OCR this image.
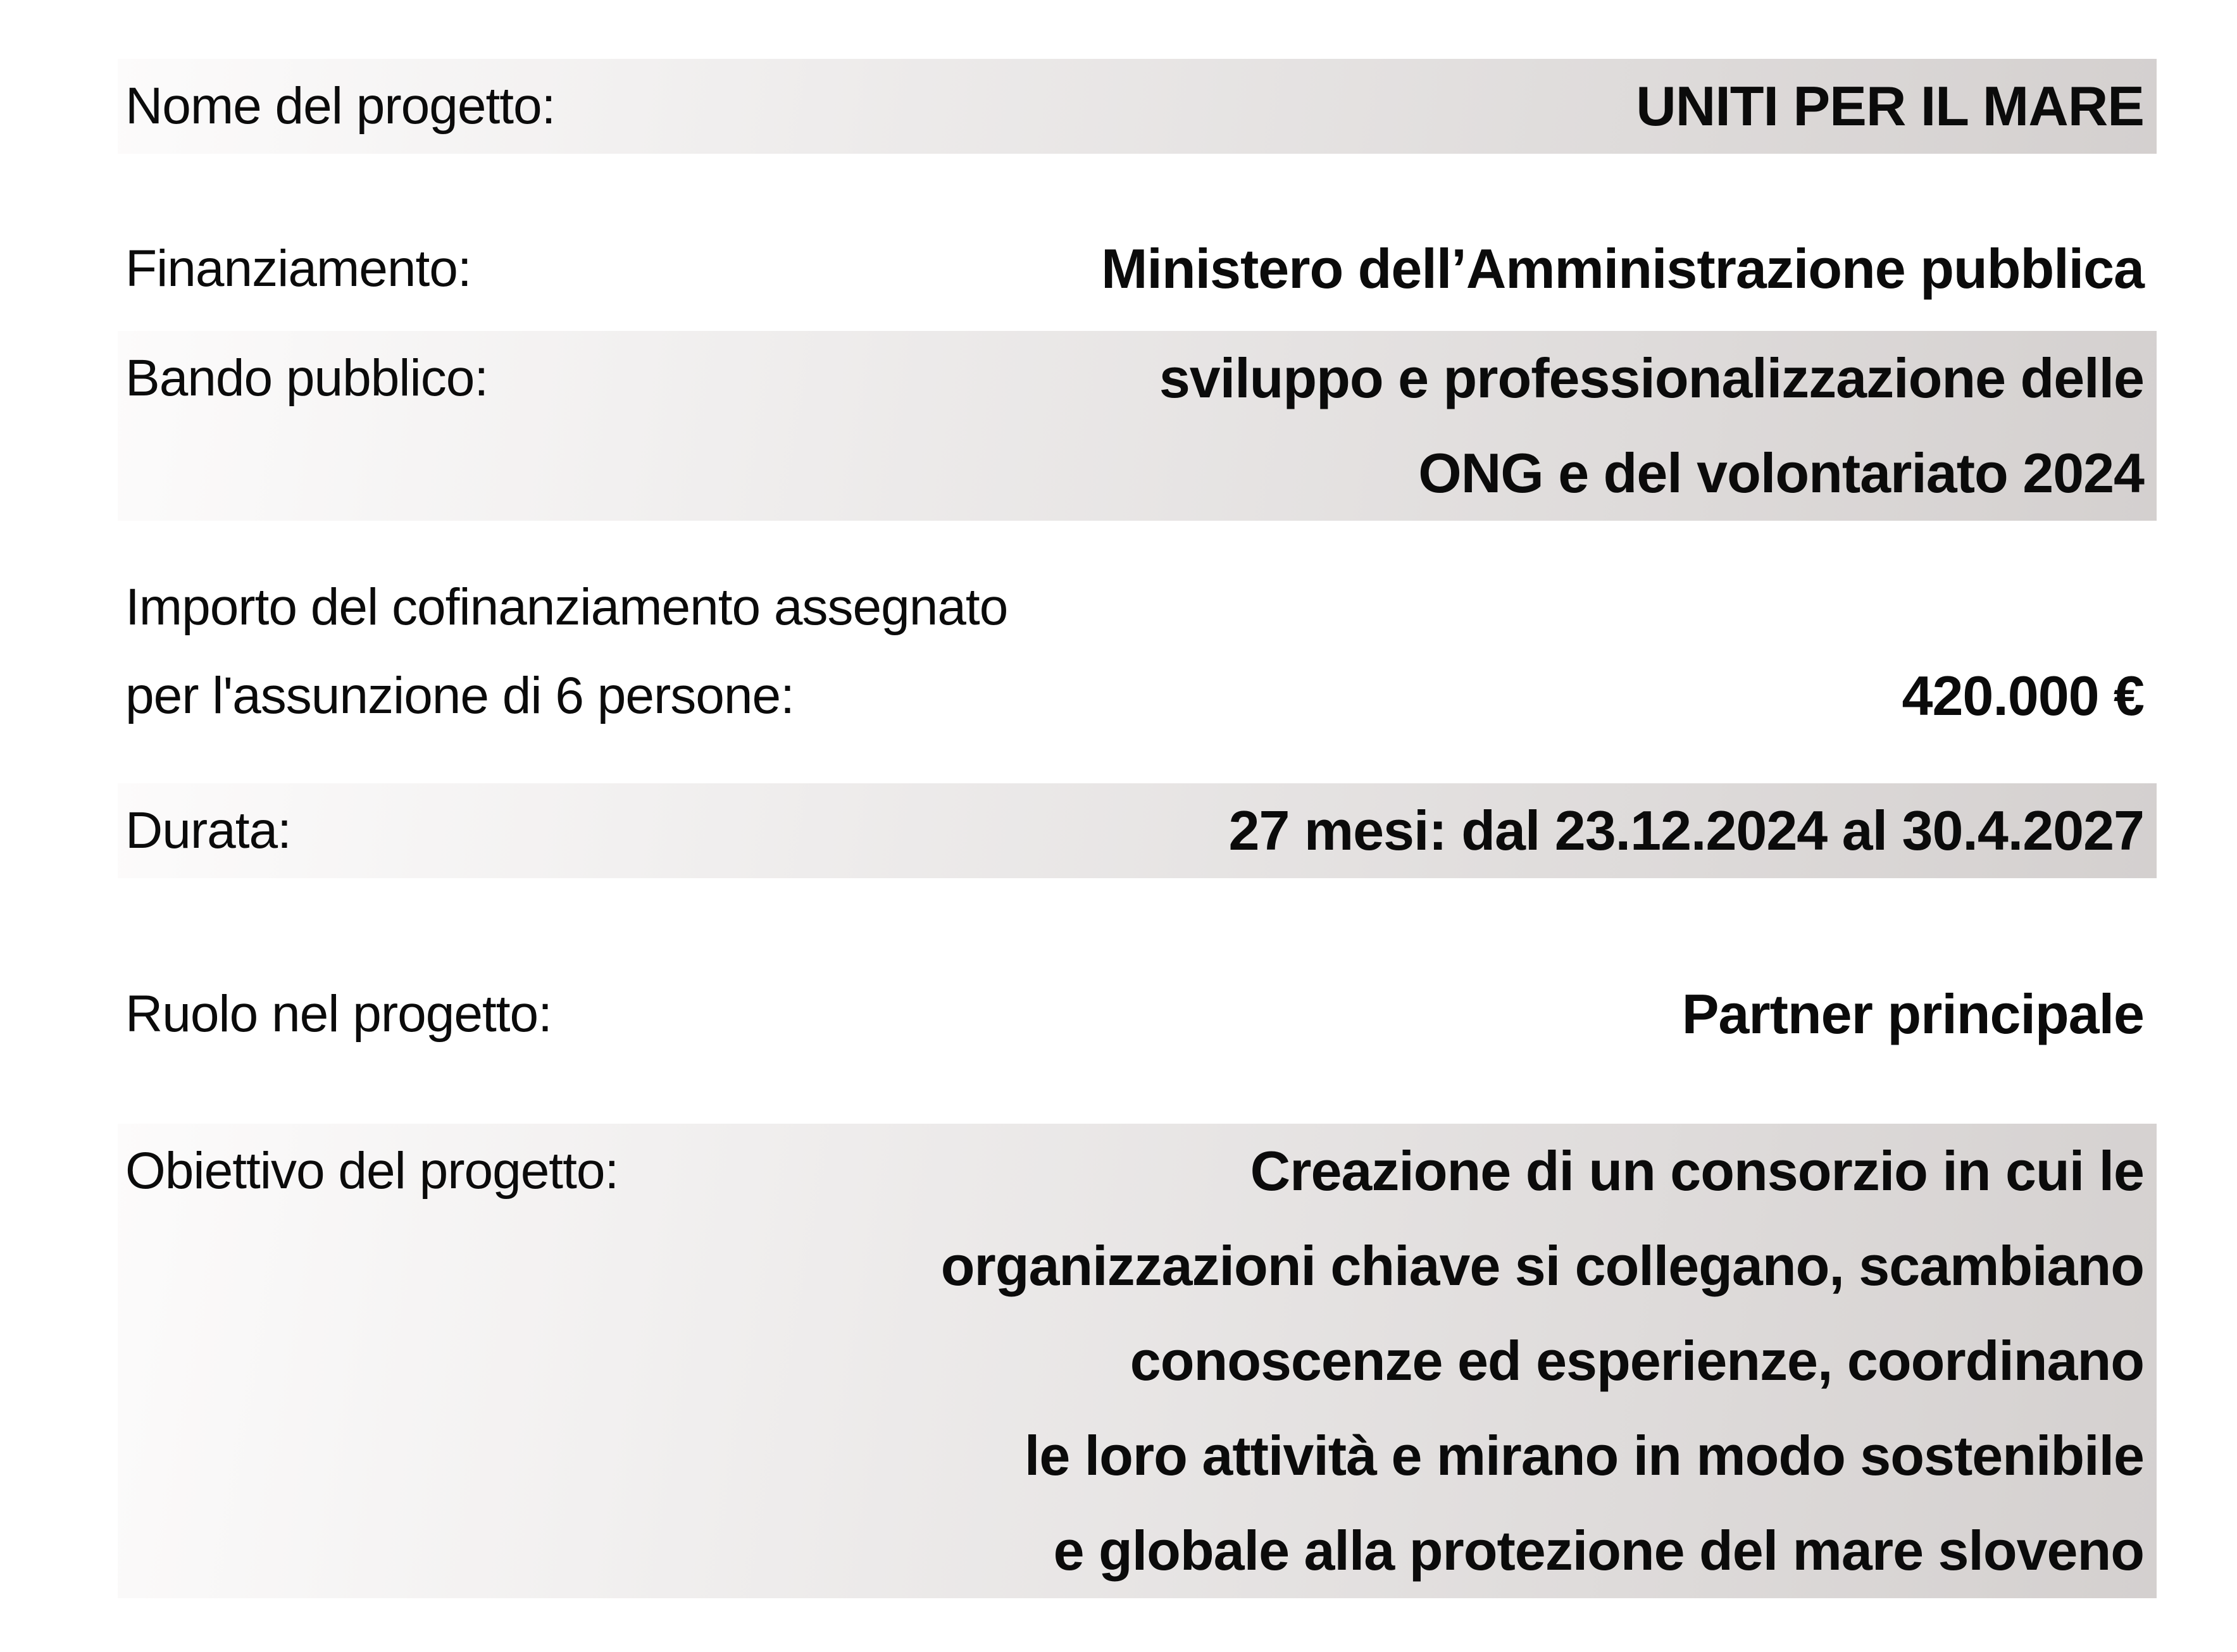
Nome del progetto:	UNITI PER IL MARE
Finanziamento:	Ministero dell’Amministrazione pubblica
Bando pubblico:	sviluppo e professionalizzazione delle
ONG e del volontariato 2024
Importo del cofinanziamento assegnato
per l'assunzione di 6 persone:	420.000 €
Durata:	27 mesi: dal 23.12.2024 al 30.4.2027
Ruolo nel progetto:	Partner principale
Obiettivo del progetto:	Creazione di un consorzio in cui le
organizzazioni chiave si collegano, scambiano
conoscenze ed esperienze, coordinano
le loro attività e mirano in modo sostenibile
e globale alla protezione del mare sloveno
